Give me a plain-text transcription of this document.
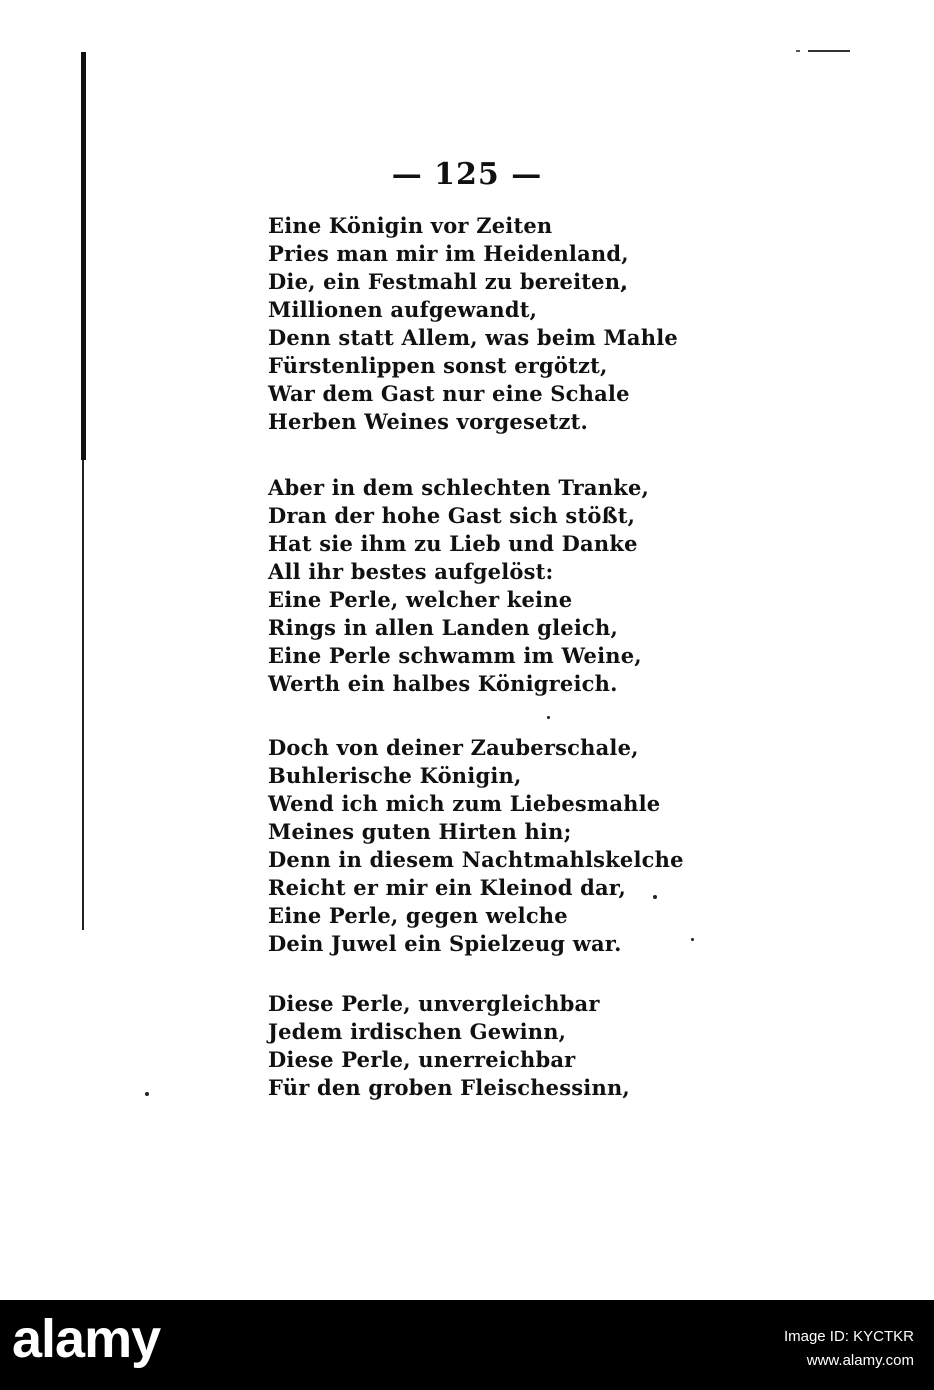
— 125 —
Eine Königin vor Zeiten
Pries man mir im Heidenland,
Die, ein Festmahl zu bereiten,
Millionen aufgewandt,
Denn statt Allem, was beim Mahle
Fürstenlippen sonst ergötzt,
War dem Gast nur eine Schale
Herben Weines vorgesetzt.
Aber in dem schlechten Tranke,
Dran der hohe Gast sich stößt,
Hat sie ihm zu Lieb und Danke
All ihr bestes aufgelöst:
Eine Perle, welcher keine
Rings in allen Landen gleich,
Eine Perle schwamm im Weine,
Werth ein halbes Königreich.
Doch von deiner Zauberschale,
Buhlerische Königin,
Wend ich mich zum Liebesmahle
Meines guten Hirten hin;
Denn in diesem Nachtmahlskelche
Reicht er mir ein Kleinod dar,
Eine Perle, gegen welche
Dein Juwel ein Spielzeug war.
Diese Perle, unvergleichbar
Jedem irdischen Gewinn,
Diese Perle, unerreichbar
Für den groben Fleischessinn,
alamy	Image ID: KYCTKR
www.alamy.com
